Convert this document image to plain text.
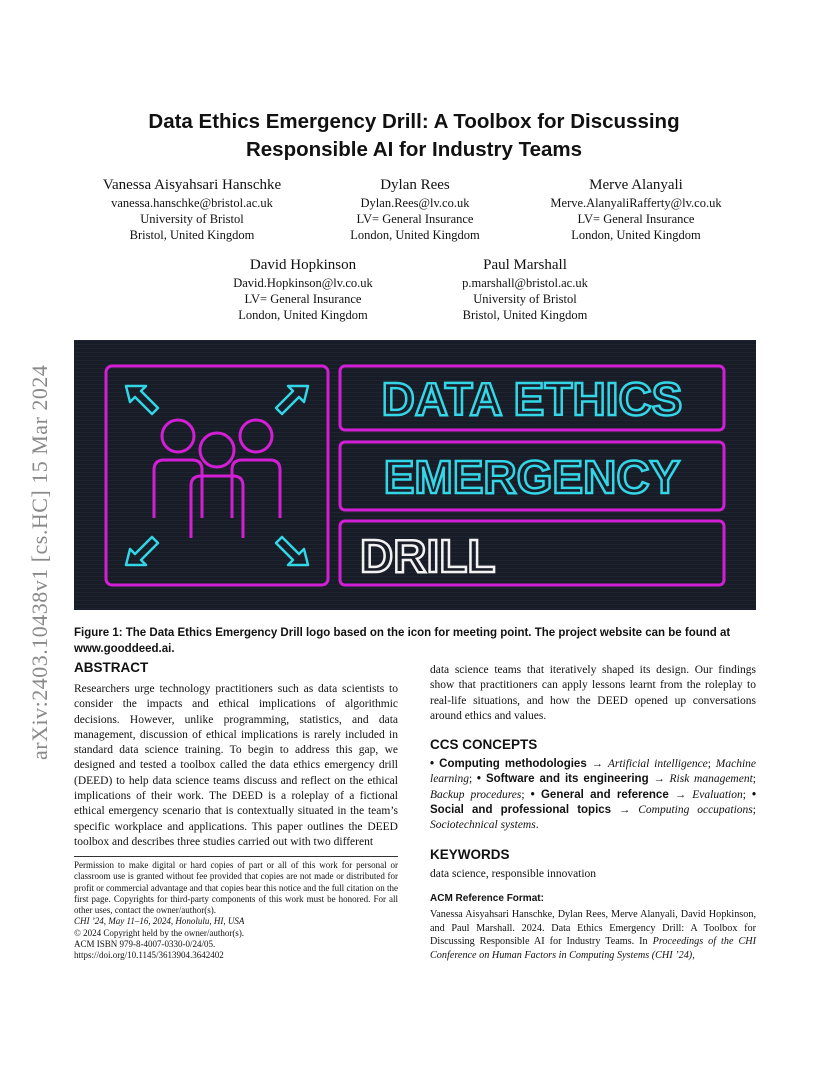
arXiv:2403.10438v1 [cs.HC] 15 Mar 2024
Data Ethics Emergency Drill: A Toolbox for Discussing
Responsible AI for Industry Teams
Vanessa Aisyahsari Hanschke
vanessa.hanschke@bristol.ac.uk
University of Bristol
Bristol, United Kingdom
Dylan Rees
Dylan.Rees@lv.co.uk
LV= General Insurance
London, United Kingdom
Merve Alanyali
Merve.AlanyaliRafferty@lv.co.uk
LV= General Insurance
London, United Kingdom
David Hopkinson
David.Hopkinson@lv.co.uk
LV= General Insurance
London, United Kingdom
Paul Marshall
p.marshall@bristol.ac.uk
University of Bristol
Bristol, United Kingdom
DATA ETHICS
EMERGENCY
DRILL
Figure 1: The Data Ethics Emergency Drill logo based on the icon for meeting point. The project website can be found at www.gooddeed.ai.
ABSTRACT
Researchers urge technology practitioners such as data scientists to consider the impacts and ethical implications of algorithmic decisions. However, unlike programming, statistics, and data management, discussion of ethical implications is rarely included in standard data science training. To begin to address this gap, we designed and tested a toolbox called the data ethics emergency drill (DEED) to help data science teams discuss and reflect on the ethical implications of their work. The DEED is a roleplay of a fictional ethical emergency scenario that is contextually situated in the team’s specific workplace and applications. This paper outlines the DEED toolbox and describes three studies carried out with two different
Permission to make digital or hard copies of part or all of this work for personal or classroom use is granted without fee provided that copies are not made or distributed for profit or commercial advantage and that copies bear this notice and the full citation on the first page. Copyrights for third-party components of this work must be honored. For all other uses, contact the owner/author(s).
CHI ’24, May 11–16, 2024, Honolulu, HI, USA
© 2024 Copyright held by the owner/author(s).
ACM ISBN 979-8-4007-0330-0/24/05.
https://doi.org/10.1145/3613904.3642402
data science teams that iteratively shaped its design. Our findings show that practitioners can apply lessons learnt from the roleplay to real-life situations, and how the DEED opened up conversations around ethics and values.
CCS CONCEPTS
• Computing methodologies → Artificial intelligence; Machine learning; • Software and its engineering → Risk management; Backup procedures; • General and reference → Evaluation; • Social and professional topics → Computing occupations; Sociotechnical systems.
KEYWORDS
data science, responsible innovation
ACM Reference Format:
Vanessa Aisyahsari Hanschke, Dylan Rees, Merve Alanyali, David Hopkinson, and Paul Marshall. 2024. Data Ethics Emergency Drill: A Toolbox for Discussing Responsible AI for Industry Teams. In Proceedings of the CHI Conference on Human Factors in Computing Systems (CHI ’24),
